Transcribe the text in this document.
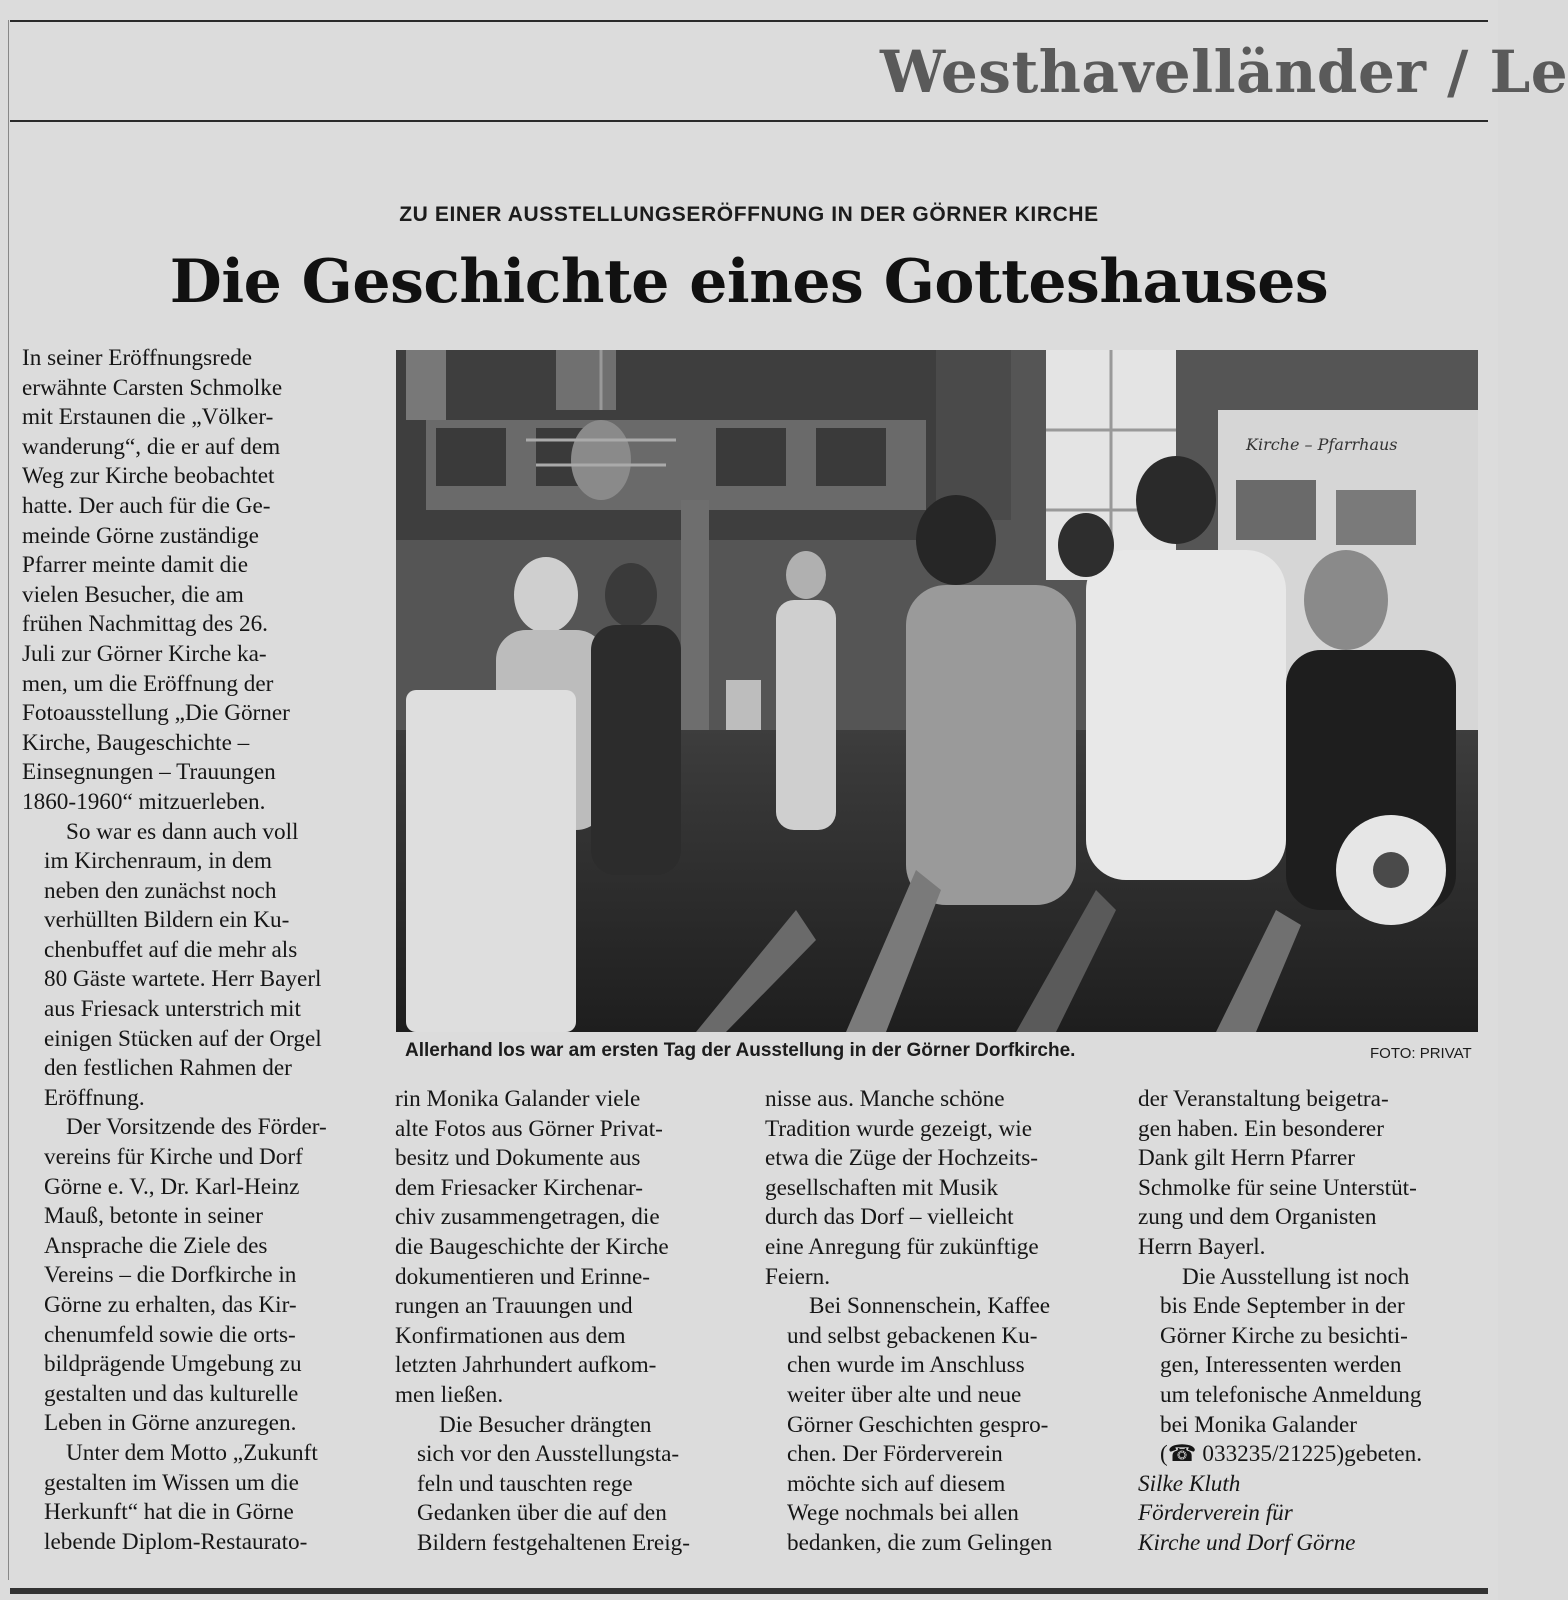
Westhavelländer / Le
ZU EINER AUSSTELLUNGSERÖFFNUNG IN DER GÖRNER KIRCHE
Die Geschichte eines Gotteshauses
Kirche – Pfarrhaus
Allerhand los war am ersten Tag der Ausstellung in der Görner Dorfkirche.	FOTO: PRIVAT

In seiner Eröffnungsrede
erwähnte Carsten Schmolke
mit Erstaunen die „Völker-
wanderung“, die er auf dem
Weg zur Kirche beobachtet
hatte. Der auch für die Ge-
meinde Görne zuständige
Pfarrer meinte damit die
vielen Besucher, die am
frühen Nachmittag des 26.
Juli zur Görner Kirche ka-
men, um die Eröffnung der
Fotoausstellung „Die Görner
Kirche, Baugeschichte –
Einsegnungen – Trauungen
1860-1960“ mitzuerleben.

So war es dann auch voll
im Kirchenraum, in dem
neben den zunächst noch
verhüllten Bildern ein Ku-
chenbuffet auf die mehr als
80 Gäste wartete. Herr Bayerl
aus Friesack unterstrich mit
einigen Stücken auf der Orgel
den festlichen Rahmen der
Eröffnung.

Der Vorsitzende des Förder-
vereins für Kirche und Dorf
Görne e. V., Dr. Karl-Heinz
Mauß, betonte in seiner
Ansprache die Ziele des
Vereins – die Dorfkirche in
Görne zu erhalten, das Kir-
chenumfeld sowie die orts-
bildprägende Umgebung zu
gestalten und das kulturelle
Leben in Görne anzuregen.

Unter dem Motto „Zukunft
gestalten im Wissen um die
Herkunft“ hat die in Görne
lebende Diplom-Restaurato-

rin Monika Galander viele
alte Fotos aus Görner Privat-
besitz und Dokumente aus
dem Friesacker Kirchenar-
chiv zusammengetragen, die
die Baugeschichte der Kirche
dokumentieren und Erinne-
rungen an Trauungen und
Konfirmationen aus dem
letzten Jahrhundert aufkom-
men ließen.

Die Besucher drängten
sich vor den Ausstellungsta-
feln und tauschten rege
Gedanken über die auf den
Bildern festgehaltenen Ereig-

nisse aus. Manche schöne
Tradition wurde gezeigt, wie
etwa die Züge der Hochzeits-
gesellschaften mit Musik
durch das Dorf – vielleicht
eine Anregung für zukünftige
Feiern.

Bei Sonnenschein, Kaffee
und selbst gebackenen Ku-
chen wurde im Anschluss
weiter über alte und neue
Görner Geschichten gespro-
chen. Der Förderverein
möchte sich auf diesem
Wege nochmals bei allen
bedanken, die zum Gelingen

der Veranstaltung beigetra-
gen haben. Ein besonderer
Dank gilt Herrn Pfarrer
Schmolke für seine Unterstüt-
zung und dem Organisten
Herrn Bayerl.

Die Ausstellung ist noch
bis Ende September in der
Görner Kirche zu besichti-
gen, Interessenten werden
um telefonische Anmeldung
bei Monika Galander
(☎ 033235/21225)gebeten.

Silke Kluth
Förderverein für
Kirche und Dorf Görne
